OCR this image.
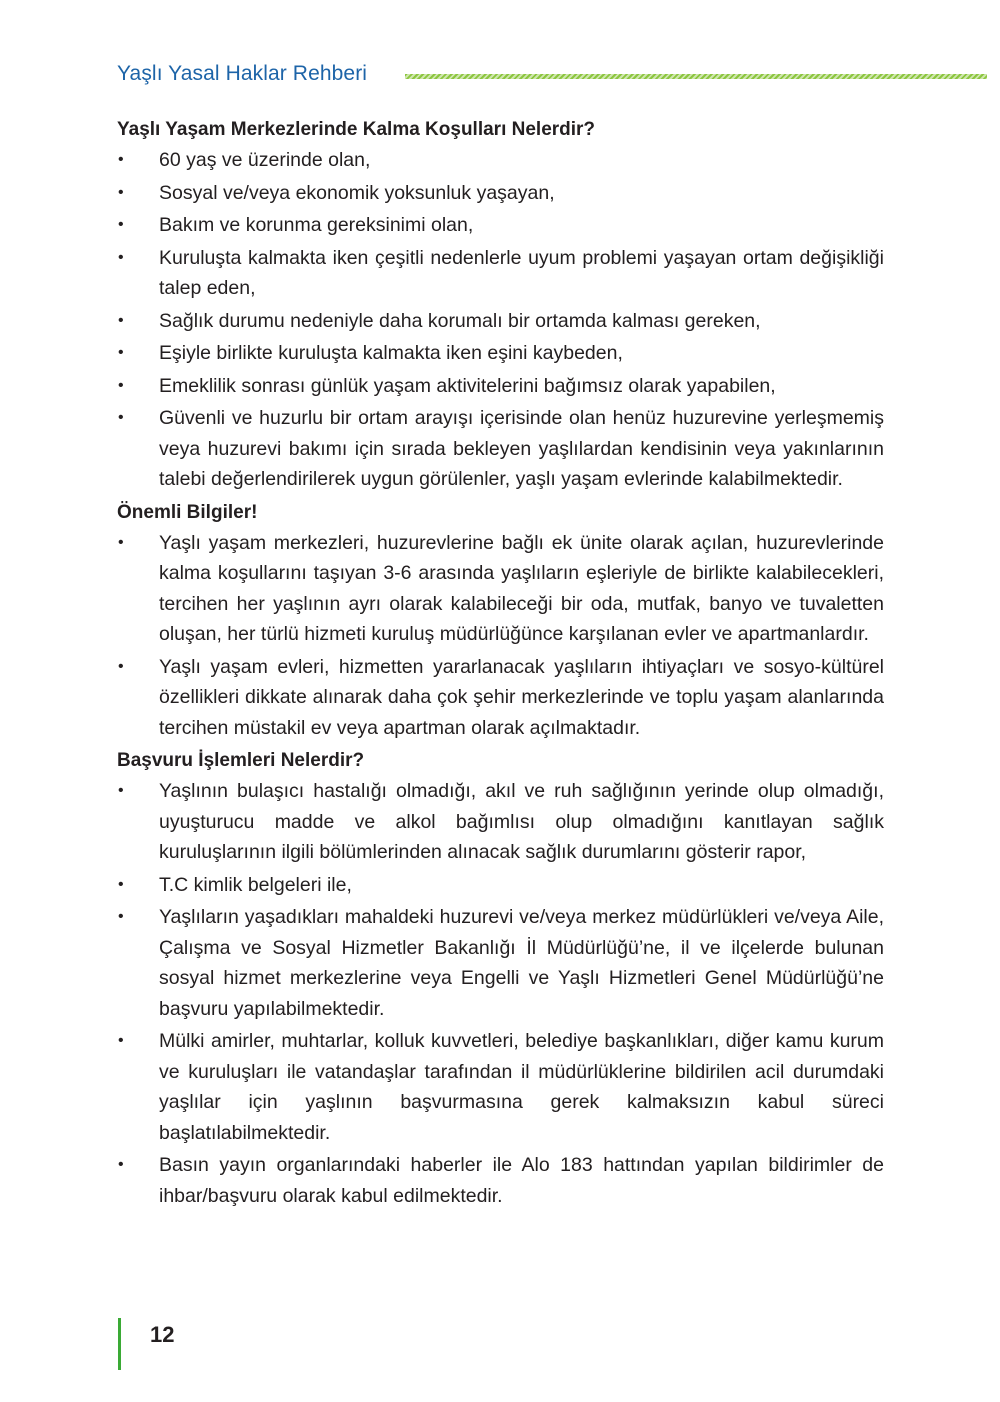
Yaşlı Yasal Haklar Rehberi
Yaşlı Yaşam Merkezlerinde Kalma Koşulları Nelerdir?
• 60 yaş ve üzerinde olan,
• Sosyal ve/veya ekonomik yoksunluk yaşayan,
• Bakım ve korunma gereksinimi olan,
• Kuruluşta kalmakta iken çeşitli nedenlerle uyum problemi yaşayan ortam değişikliği talep eden,
• Sağlık durumu nedeniyle daha korumalı bir ortamda kalması gereken,
• Eşiyle birlikte kuruluşta kalmakta iken eşini kaybeden,
• Emeklilik sonrası günlük yaşam aktivitelerini bağımsız olarak yapabilen,
• Güvenli ve huzurlu bir ortam arayışı içerisinde olan henüz huzurevine yerleşmemiş veya huzurevi bakımı için sırada bekleyen yaşlılardan kendisinin veya yakınlarının talebi değerlendirilerek uygun görülenler, yaşlı yaşam evlerinde kalabilmektedir.
Önemli Bilgiler!
• Yaşlı yaşam merkezleri, huzurevlerine bağlı ek ünite olarak açılan, huzurevlerinde kalma koşullarını taşıyan 3-6 arasında yaşlıların eşleriyle de birlikte kalabilecekleri, tercihen her yaşlının ayrı olarak kalabileceği bir oda, mutfak, banyo ve tuvaletten oluşan, her türlü hizmeti kuruluş müdürlüğünce karşılanan evler ve apartmanlardır.
• Yaşlı yaşam evleri, hizmetten yararlanacak yaşlıların ihtiyaçları ve sosyo-kültürel özellikleri dikkate alınarak daha çok şehir merkezlerinde ve toplu yaşam alanlarında tercihen müstakil ev veya apartman olarak açılmaktadır.
Başvuru İşlemleri Nelerdir?
• Yaşlının bulaşıcı hastalığı olmadığı, akıl ve ruh sağlığının yerinde olup olmadığı, uyuşturucu madde ve alkol bağımlısı olup olmadığını kanıtlayan sağlık kuruluşlarının ilgili bölümlerinden alınacak sağlık durumlarını gösterir rapor,
• T.C kimlik belgeleri ile,
• Yaşlıların yaşadıkları mahaldeki huzurevi ve/veya merkez müdürlükleri ve/veya Aile, Çalışma ve Sosyal Hizmetler Bakanlığı İl Müdürlüğü’ne, il ve ilçelerde bulunan sosyal hizmet merkezlerine veya Engelli ve Yaşlı Hizmetleri Genel Müdürlüğü’ne başvuru yapılabilmektedir.
• Mülki amirler, muhtarlar, kolluk kuvvetleri, belediye başkanlıkları, diğer kamu kurum ve kuruluşları ile vatandaşlar tarafından il müdürlüklerine bildirilen acil durumdaki yaşlılar için yaşlının başvurmasına gerek kalmaksızın kabul süreci başlatılabilmektedir.
• Basın yayın organlarındaki haberler ile Alo 183 hattından yapılan bildirimler de ihbar/başvuru olarak kabul edilmektedir.
12
